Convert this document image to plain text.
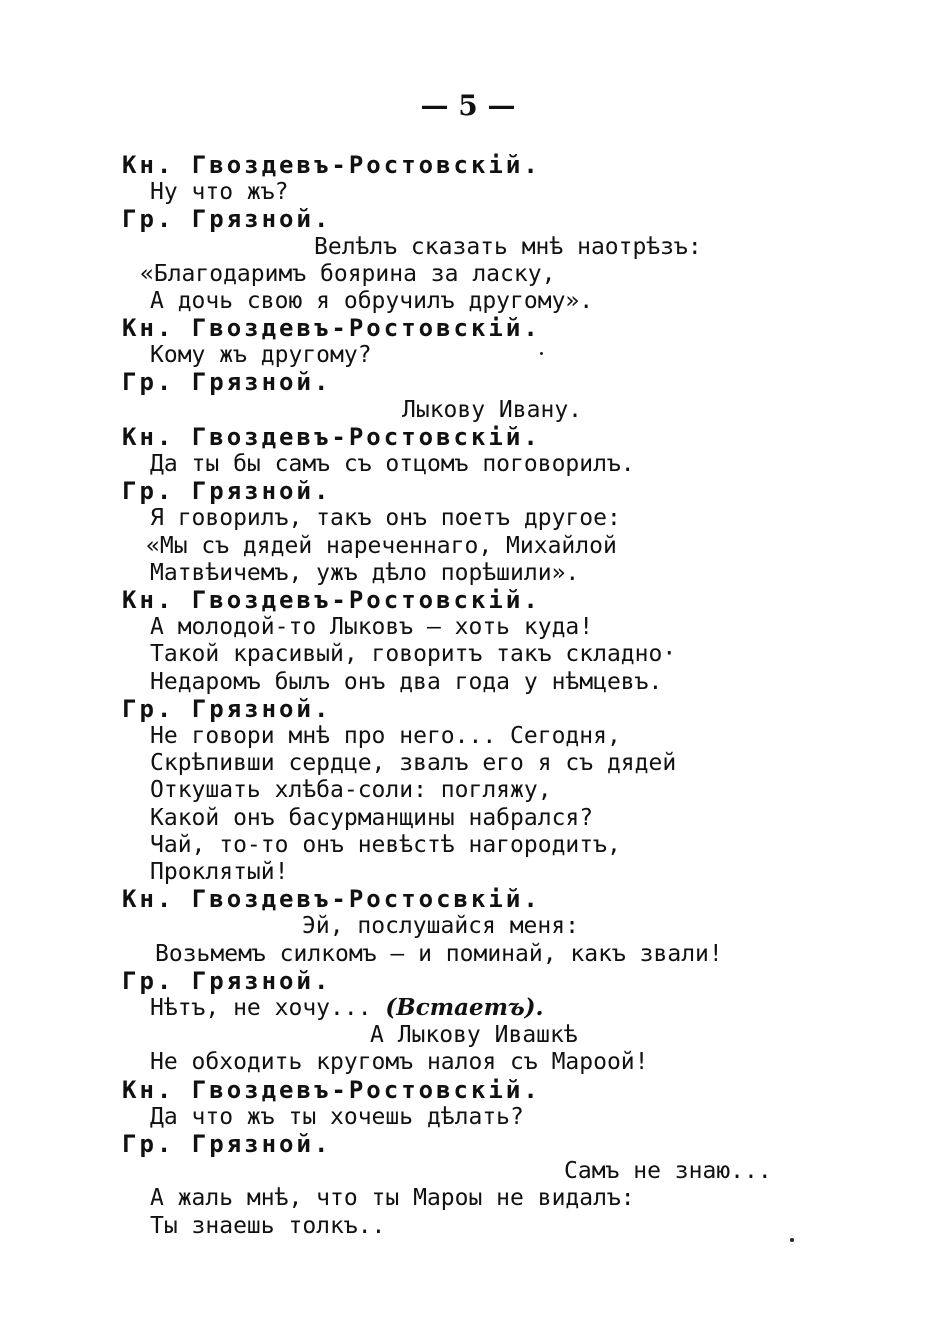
— 5 —
Кн. Гвоздевъ-Ростовскій.
Ну что жъ?
Гр. Грязной.
Велѣлъ сказать мнѣ наотрѣзъ:
«Благодаримъ боярина за ласку,
А дочь свою я обручилъ другому».
Кн. Гвоздевъ-Ростовскій.
Кому жъ другому?
Гр. Грязной.
Лыкову Ивану.
Кн. Гвоздевъ-Ростовскій.
Да ты бы самъ съ отцомъ поговорилъ.
Гр. Грязной.
Я говорилъ, такъ онъ поетъ другое:
«Мы съ дядей нареченнаго, Михайлой
Матвѣичемъ, ужъ дѣло порѣшили».
Кн. Гвоздевъ-Ростовскій.
А молодой-то Лыковъ — хоть куда!
Такой красивый, говоритъ такъ складно·
Недаромъ былъ онъ два года у нѣмцевъ.
Гр. Грязной.
Не говори мнѣ про него... Сегодня,
Скрѣпивши сердце, звалъ его я съ дядей
Откушать хлѣба-соли: погляжу,
Какой онъ басурманщины набрался?
Чай, то-то онъ невѣстѣ нагородитъ,
Проклятый!
Кн. Гвоздевъ-Ростосвкій.
Эй, послушайся меня:
Возьмемъ силкомъ — и поминай, какъ звали!
Гр. Грязной.
Нѣтъ, не хочу... (Встаетъ).
А Лыкову Ивашкѣ
Не обходить кругомъ налоя съ Мароой!
Кн. Гвоздевъ-Ростовскій.
Да что жъ ты хочешь дѣлать?
Гр. Грязной.
Самъ не знаю...
А жаль мнѣ, что ты Мароы не видалъ:
Ты знаешь толкъ..
